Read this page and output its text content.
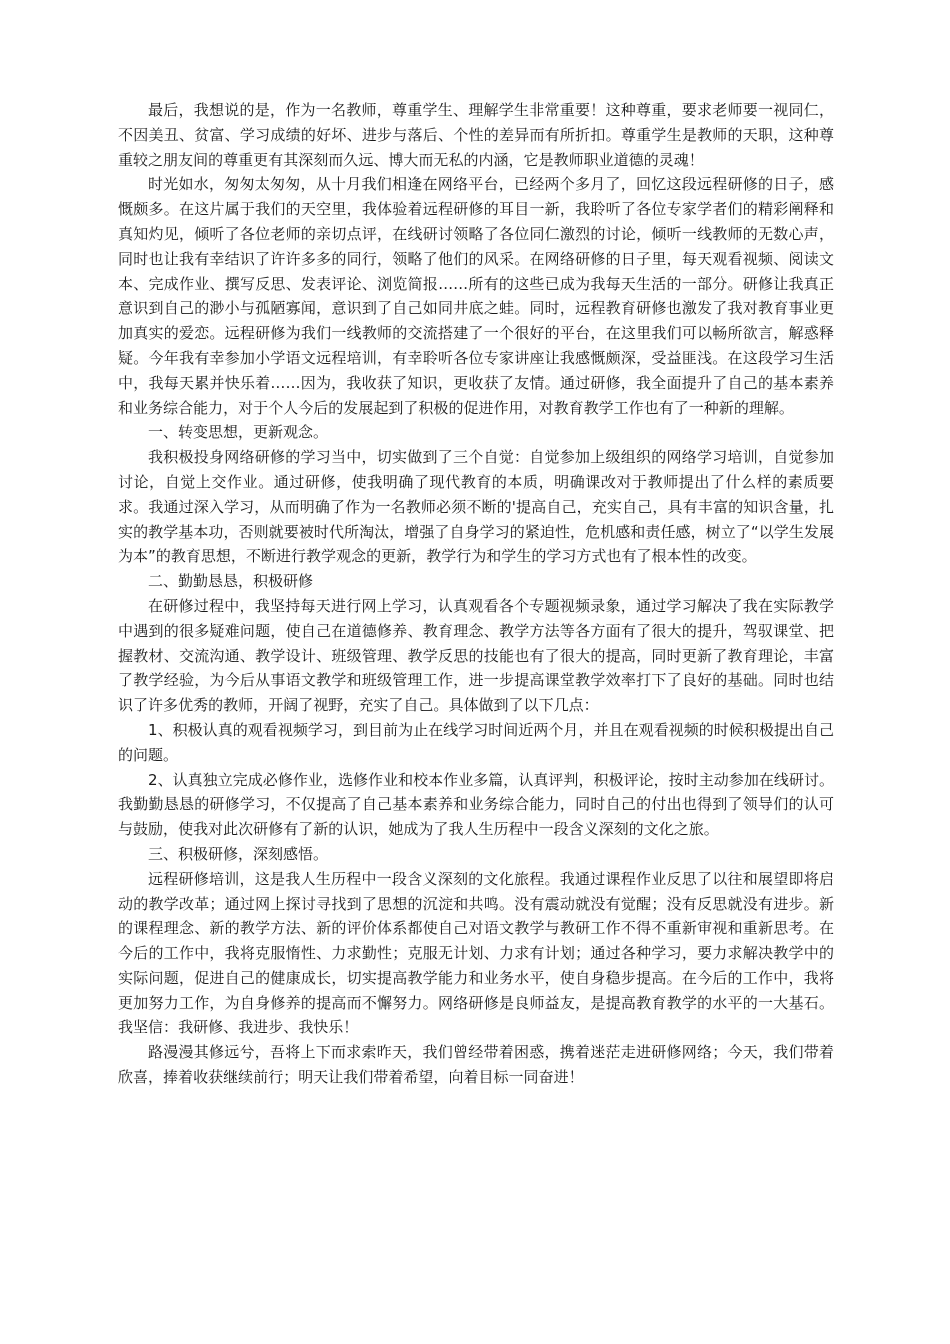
最后，我想说的是，作为一名教师，尊重学生、理解学生非常重要！这种尊重，要求老师要一视同仁，不因美丑、贫富、学习成绩的好坏、进步与落后、个性的差异而有所折扣。尊重学生是教师的天职，这种尊重较之朋友间的尊重更有其深刻而久远、博大而无私的内涵，它是教师职业道德的灵魂！

时光如水，匆匆太匆匆，从十月我们相逢在网络平台，已经两个多月了，回忆这段远程研修的日子，感慨颇多。在这片属于我们的天空里，我体验着远程研修的耳目一新，我聆听了各位专家学者们的精彩阐释和真知灼见，倾听了各位老师的亲切点评，在线研讨领略了各位同仁激烈的讨论，倾听一线教师的无数心声，同时也让我有幸结识了许许多多的同行，领略了他们的风采。在网络研修的日子里，每天观看视频、阅读文本、完成作业、撰写反思、发表评论、浏览简报……所有的这些已成为我每天生活的一部分。研修让我真正意识到自己的渺小与孤陋寡闻，意识到了自己如同井底之蛙。同时，远程教育研修也激发了我对教育事业更加真实的爱恋。远程研修为我们一线教师的交流搭建了一个很好的平台，在这里我们可以畅所欲言，解惑释疑。今年我有幸参加小学语文远程培训，有幸聆听各位专家讲座让我感慨颇深，受益匪浅。在这段学习生活中，我每天累并快乐着……因为，我收获了知识，更收获了友情。通过研修，我全面提升了自己的基本素养和业务综合能力，对于个人今后的发展起到了积极的促进作用，对教育教学工作也有了一种新的理解。

一、转变思想，更新观念。

我积极投身网络研修的学习当中，切实做到了三个自觉：自觉参加上级组织的网络学习培训，自觉参加讨论，自觉上交作业。通过研修，使我明确了现代教育的本质，明确课改对于教师提出了什么样的素质要求。我通过深入学习，从而明确了作为一名教师必须不断的'提高自己，充实自己，具有丰富的知识含量，扎实的教学基本功，否则就要被时代所淘汰，增强了自身学习的紧迫性，危机感和责任感，树立了“以学生发展为本”的教育思想，不断进行教学观念的更新，教学行为和学生的学习方式也有了根本性的改变。

二、勤勤恳恳，积极研修

在研修过程中，我坚持每天进行网上学习，认真观看各个专题视频录象，通过学习解决了我在实际教学中遇到的很多疑难问题，使自己在道德修养、教育理念、教学方法等各方面有了很大的提升，驾驭课堂、把握教材、交流沟通、教学设计、班级管理、教学反思的技能也有了很大的提高，同时更新了教育理论，丰富了教学经验，为今后从事语文教学和班级管理工作，进一步提高课堂教学效率打下了良好的基础。同时也结识了许多优秀的教师，开阔了视野，充实了自己。具体做到了以下几点：

1、积极认真的观看视频学习，到目前为止在线学习时间近两个月，并且在观看视频的时候积极提出自己的问题。

2、认真独立完成必修作业，选修作业和校本作业多篇，认真评判，积极评论，按时主动参加在线研讨。我勤勤恳恳的研修学习，不仅提高了自己基本素养和业务综合能力，同时自己的付出也得到了领导们的认可与鼓励，使我对此次研修有了新的认识，她成为了我人生历程中一段含义深刻的文化之旅。

三、积极研修，深刻感悟。

远程研修培训，这是我人生历程中一段含义深刻的文化旅程。我通过课程作业反思了以往和展望即将启动的教学改革；通过网上探讨寻找到了思想的沉淀和共鸣。没有震动就没有觉醒；没有反思就没有进步。新的课程理念、新的教学方法、新的评价体系都使自己对语文教学与教研工作不得不重新审视和重新思考。在今后的工作中，我将克服惰性、力求勤性；克服无计划、力求有计划；通过各种学习，要力求解决教学中的实际问题，促进自己的健康成长，切实提高教学能力和业务水平，使自身稳步提高。在今后的工作中，我将更加努力工作，为自身修养的提高而不懈努力。网络研修是良师益友，是提高教育教学的水平的一大基石。我坚信：我研修、我进步、我快乐！

路漫漫其修远兮，吾将上下而求索昨天，我们曾经带着困惑，携着迷茫走进研修网络；今天，我们带着欣喜，捧着收获继续前行；明天让我们带着希望，向着目标一同奋进！
